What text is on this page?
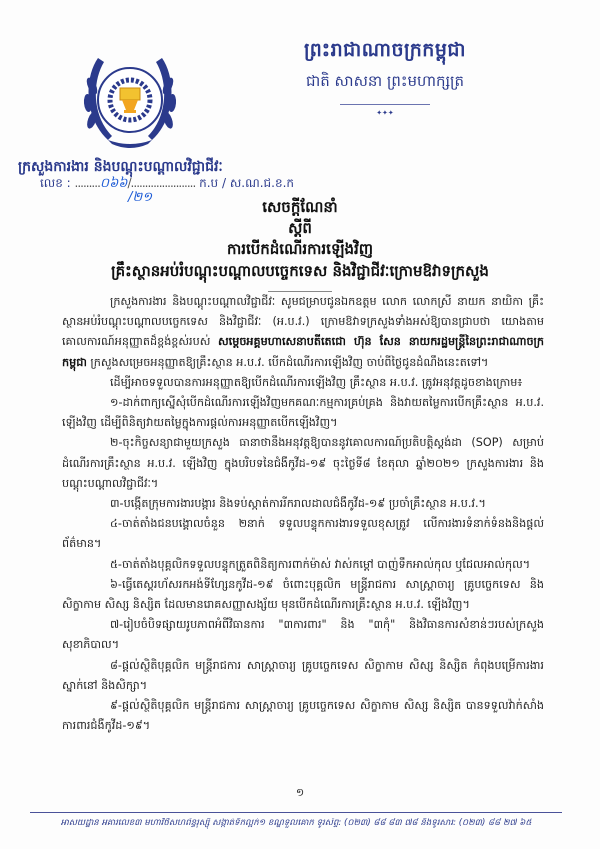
ព្រះរាជាណាចក្រកម្ពុជា
ជាតិ សាសនា ព្រះមហាក្សត្រ
✦✦✦
ក្រសួងការងារ និងបណ្តុះបណ្តាលវិជ្ជាជីវៈ
លេខ : .........០៦៦/....................... ក.ប / ស.ណ.ជ.ខ.ក
/២១
សេចក្តីណែនាំ
ស្តីពី
ការបើកដំណើរការឡើងវិញ
គ្រឹះស្ថានអប់រំបណ្តុះបណ្តាលបច្ចេកទេស និងវិជ្ជាជីវៈក្រោមឱវាទក្រសួង

ក្រសួងការងារ និងបណ្តុះបណ្តាលវិជ្ជាជីវៈ សូមជម្រាបជូនឯកឧត្តម លោក លោកស្រី នាយក នាយិកា គ្រឹះស្ថានអប់រំបណ្តុះបណ្តាលបច្ចេកទេស និងវិជ្ជាជីវៈ (អ.ប.វ.) ក្រោមឱវាទក្រសួងទាំងអស់ឱ្យបានជ្រាបថា យោងតាមគោលការណ៍អនុញ្ញាតដ៏ខ្ពង់ខ្ពស់របស់ សម្តេចអគ្គមហាសេនាបតីតេជោ ហ៊ុន សែន នាយករដ្ឋមន្ត្រីនៃព្រះរាជាណាចក្រកម្ពុជា ក្រសួងសម្រេចអនុញ្ញាតឱ្យគ្រឹះស្ថាន អ.ប.វ. បើកដំណើរការឡើងវិញ ចាប់ពីថ្ងៃជូនដំណឹងនេះតទៅ។

ដើម្បីអាចទទួលបានការអនុញ្ញាតឱ្យបើកដំណើរការឡើងវិញ គ្រឹះស្ថាន អ.ប.វ. ត្រូវអនុវត្តដូចខាងក្រោម៖

១-ដាក់ពាក្យស្នើសុំបើកដំណើរការឡើងវិញមកគណៈកម្មការគ្រប់គ្រង និងវាយតម្លៃការបើកគ្រឹះស្ថាន អ.ប.វ. ឡើងវិញ ដើម្បីពិនិត្យវាយតម្លៃក្នុងការផ្តល់ការអនុញ្ញាតបើកឡើងវិញ។

២-ចុះកិច្ចសន្យាជាមួយក្រសួង ធានាថានឹងអនុវត្តឱ្យបាននូវគោលការណ៍ប្រតិបត្តិស្តង់ដា (SOP) សម្រាប់ដំណើរការគ្រឹះស្ថាន អ.ប.វ. ឡើងវិញ ក្នុងបរិបទនៃជំងឺកូវីដ-១៩ ចុះថ្ងៃទី៨ ខែតុលា ឆ្នាំ២០២១ ក្រសួងការងារ និងបណ្តុះបណ្តាលវិជ្ជាជីវៈ។

៣-បង្កើតក្រុមការងារបង្ការ និងទប់ស្កាត់ការរីករាលដាលជំងឺកូវីដ-១៩ ប្រចាំគ្រឹះស្ថាន អ.ប.វ.។

៤-ចាត់តាំងជនបង្គោលចំនួន ២នាក់ ទទួលបន្ទុកការងារទទួលខុសត្រូវ លើការងារទំនាក់ទំនងនិងផ្តល់ព័ត៌មាន។

៥-ចាត់តាំងបុគ្គលិកទទួលបន្ទុកត្រួតពិនិត្យការពាក់ម៉ាស់ វាស់កម្តៅ បាញ់ទឹកអាល់កុល ឬជែលអាល់កុល។

៦-ធ្វើតេស្តរហ័សរកអង់ទីហ្សែនកូវីដ-១៩ ចំពោះបុគ្គលិក មន្ត្រីរាជការ សាស្ត្រាចារ្យ គ្រូបច្ចេកទេស និងសិក្ខាកាម សិស្ស និស្សិត ដែលមានរោគសញ្ញាសង្ស័យ មុនបើកដំណើរការគ្រឹះស្ថាន អ.ប.វ. ឡើងវិញ។

៧-រៀបចំបិទផ្សាយរូបភាពអំពីវិធានការ "៣ការពារ" និង "៣កុំ" និងវិធានការសំខាន់ៗរបស់ក្រសួងសុខាភិបាល។

៨-ផ្តល់ស្ថិតិបុគ្គលិក មន្ត្រីរាជការ សាស្ត្រាចារ្យ គ្រូបច្ចេកទេស សិក្ខាកាម សិស្ស និស្សិត កំពុងបម្រើការងារ ស្នាក់នៅ និងសិក្សា។

៩-ផ្តល់ស្ថិតិបុគ្គលិក មន្ត្រីរាជការ សាស្ត្រាចារ្យ គ្រូបច្ចេកទេស សិក្ខាកាម សិស្ស និស្សិត បានទទួលវ៉ាក់សាំងការពារជំងឺកូវីដ-១៩។

១
អាសយដ្ឋាន អគារលេខ៣ មហាវិថីសហព័ន្ធរុស្ស៊ី សង្កាត់ទឹកល្អក់១ ខណ្ឌទួលគោក ទូរស័ព្ទ: (០២៣) ៨៨ ៨៣ ៧៨ និងទូរសារ: (០២៣) ៨៨ ២៧ ៦៥
